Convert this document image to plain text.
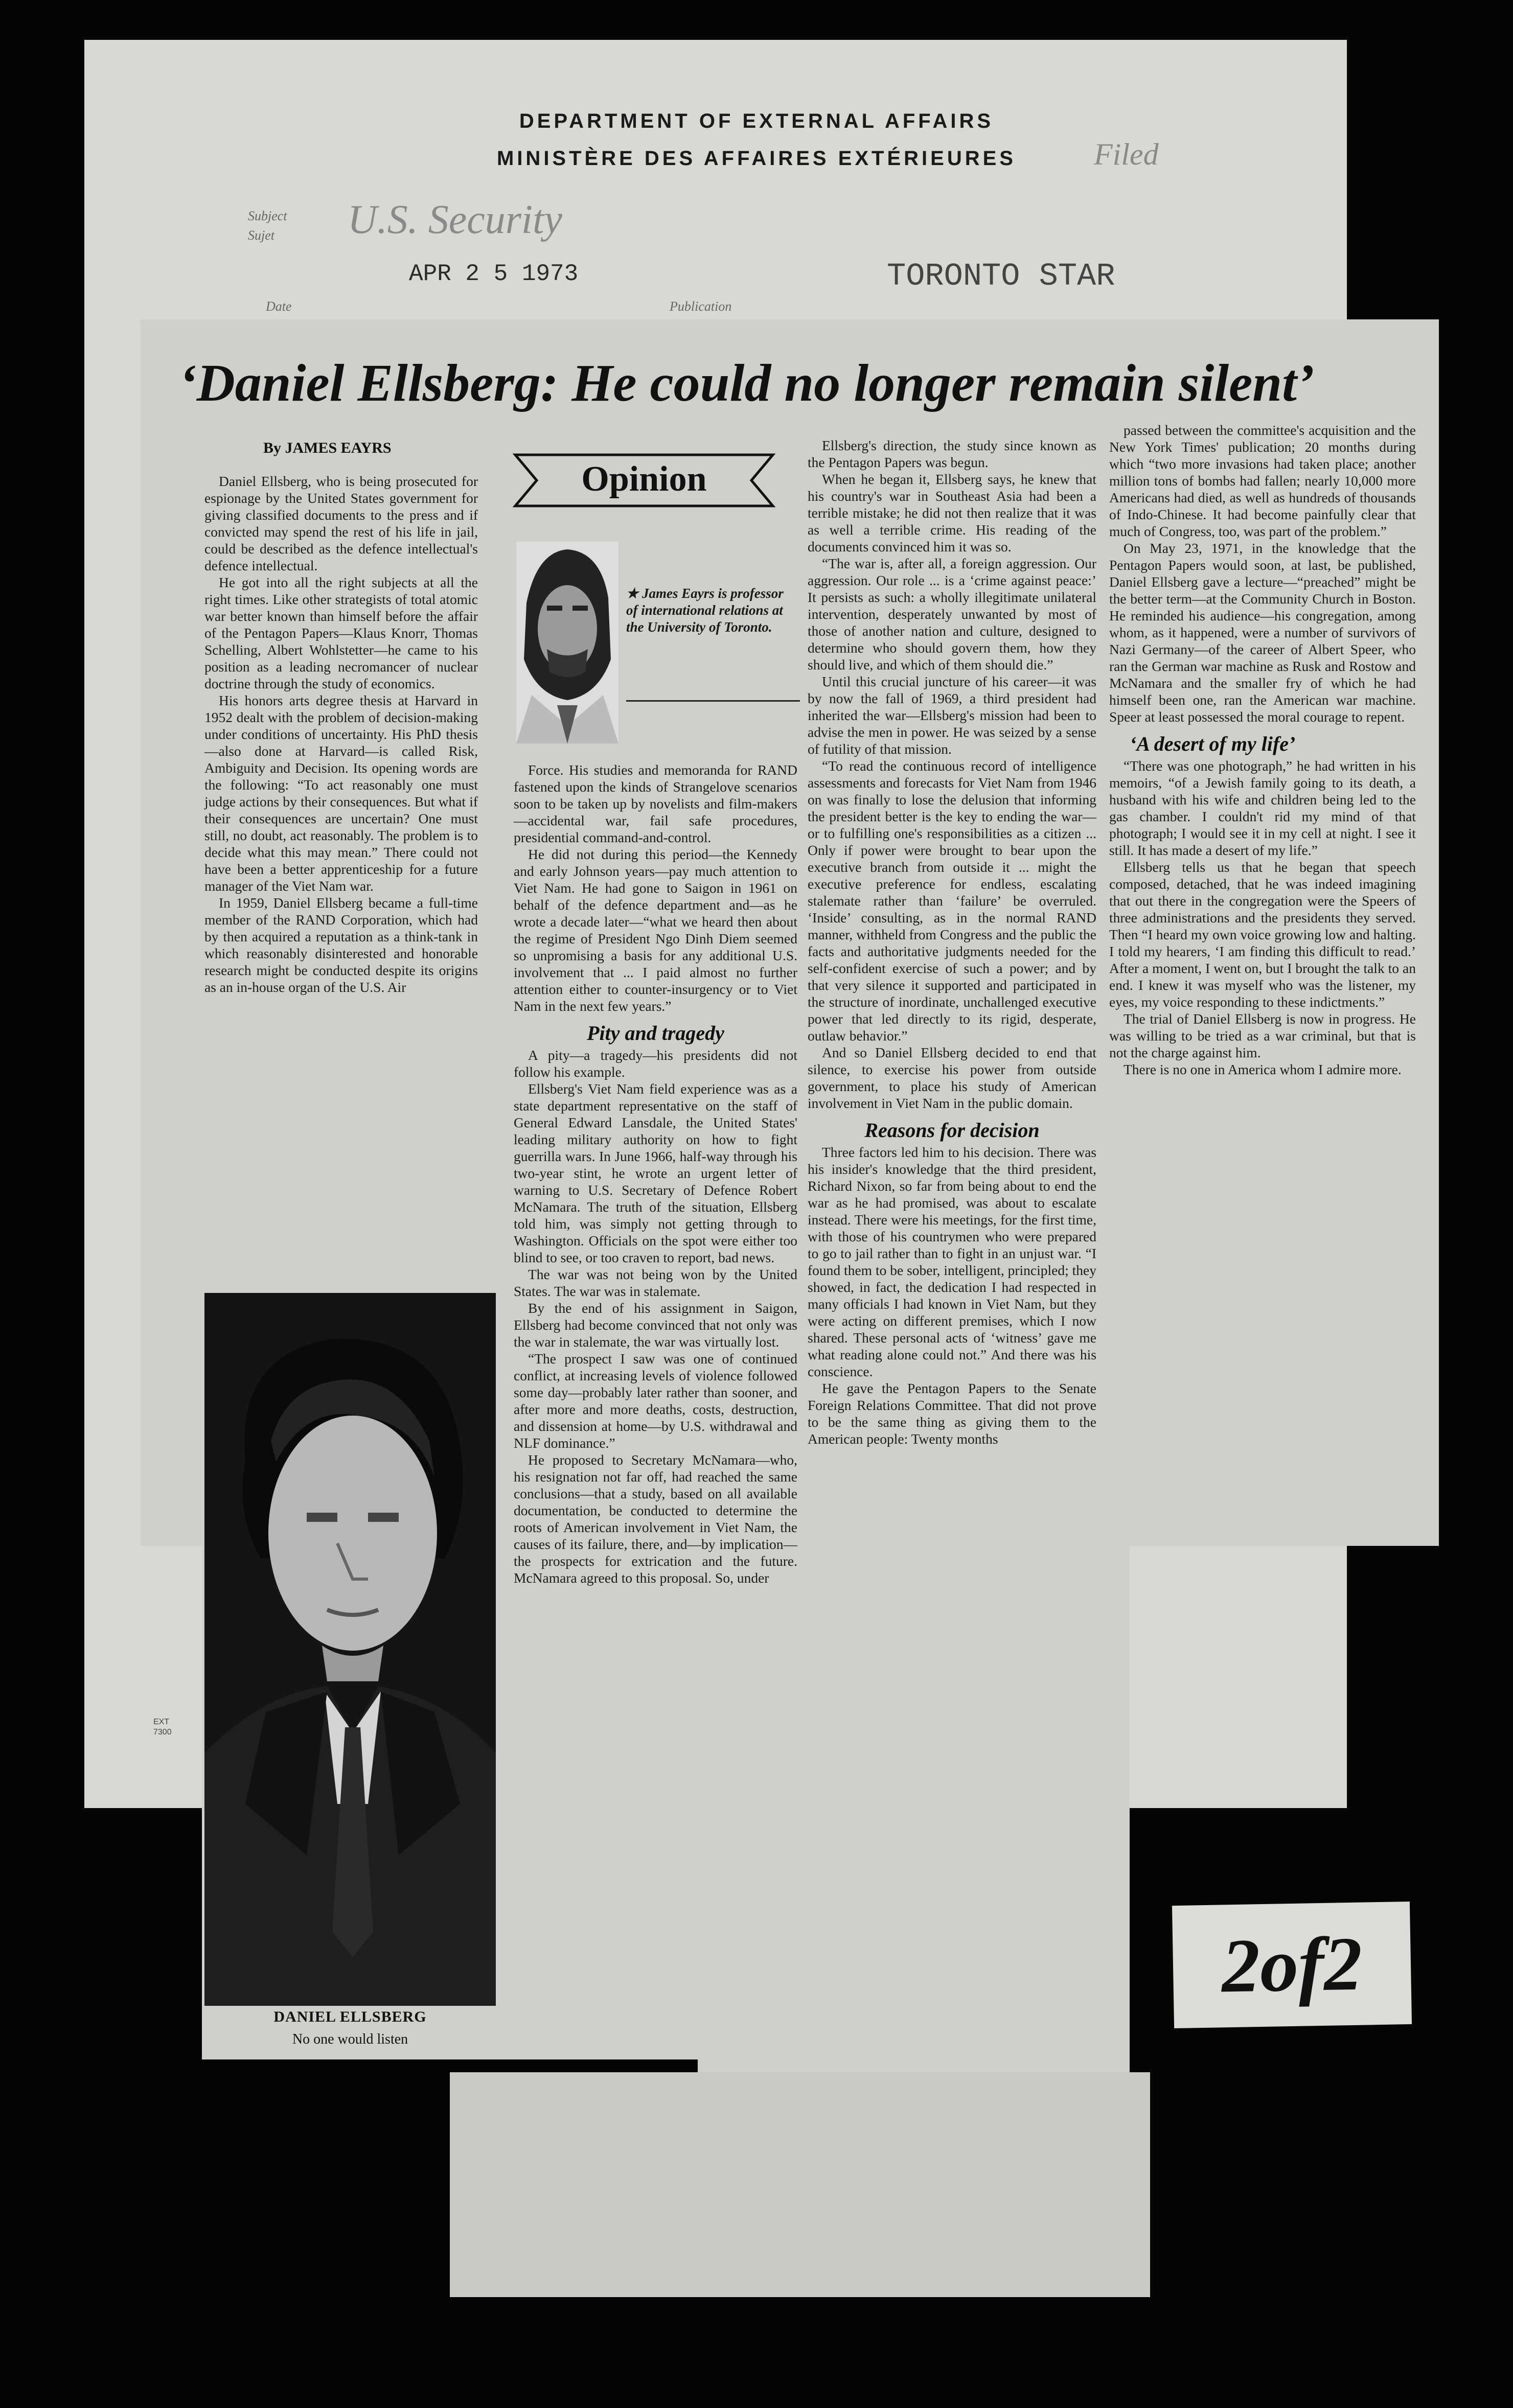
DEPARTMENT OF EXTERNAL AFFAIRS
MINISTÈRE DES AFFAIRES EXTÉRIEURES
Subject
Sujet U.S. Security
Filed
APR 2 5 1973
Date	Publication
TORONTO STAR
EXT
7300
‘Daniel Ellsberg: He could no longer remain silent’
By JAMES EAYRS
Opinion
★ James Eayrs is professor of international relations at the University of Toronto.

Daniel Ellsberg, who is being prosecuted for espionage by the United States government for giving classified documents to the press and if convicted may spend the rest of his life in jail, could be described as the defence intellectual's defence intellectual.

He got into all the right subjects at all the right times. Like other strategists of total atomic war better known than himself before the affair of the Pentagon Papers—Klaus Knorr, Thomas Schelling, Albert Wohlstetter—he came to his position as a leading necromancer of nuclear doctrine through the study of economics.

His honors arts degree thesis at Harvard in 1952 dealt with the problem of decision-making under conditions of uncertainty. His PhD thesis—also done at Harvard—is called Risk, Ambiguity and Decision. Its opening words are the following: “To act reasonably one must judge actions by their consequences. But what if their consequences are uncertain? One must still, no doubt, act reasonably. The problem is to decide what this may mean.” There could not have been a better apprenticeship for a future manager of the Viet Nam war.

In 1959, Daniel Ellsberg became a full-time member of the RAND Corporation, which had by then acquired a reputation as a think-tank in which reasonably disinterested and honorable research might be conducted despite its origins as an in-house organ of the U.S. Air

Force. His studies and memoranda for RAND fastened upon the kinds of Strangelove scenarios soon to be taken up by novelists and film-makers—accidental war, fail safe procedures, presidential command-and-control.

He did not during this period—the Kennedy and early Johnson years—pay much attention to Viet Nam. He had gone to Saigon in 1961 on behalf of the defence department and—as he wrote a decade later—“what we heard then about the regime of President Ngo Dinh Diem seemed so unpromising a basis for any additional U.S. involvement that ... I paid almost no further attention either to counter-insurgency or to Viet Nam in the next few years.”

Pity and tragedy

A pity—a tragedy—his presidents did not follow his example.

Ellsberg's Viet Nam field experience was as a state department representative on the staff of General Edward Lansdale, the United States' leading military authority on how to fight guerrilla wars. In June 1966, half-way through his two-year stint, he wrote an urgent letter of warning to U.S. Secretary of Defence Robert McNamara. The truth of the situation, Ellsberg told him, was simply not getting through to Washington. Officials on the spot were either too blind to see, or too craven to report, bad news.

The war was not being won by the United States. The war was in stalemate.

By the end of his assignment in Saigon, Ellsberg had become convinced that not only was the war in stalemate, the war was virtually lost.

“The prospect I saw was one of continued conflict, at increasing levels of violence followed some day—probably later rather than sooner, and after more and more deaths, costs, destruction, and dissension at home—by U.S. withdrawal and NLF dominance.”

He proposed to Secretary McNamara—who, his resignation not far off, had reached the same conclusions—that a study, based on all available documentation, be conducted to determine the roots of American involvement in Viet Nam, the causes of its failure, there, and—by implication—the prospects for extrication and the future. McNamara agreed to this proposal. So, under

Ellsberg's direction, the study since known as the Pentagon Papers was begun.

When he began it, Ellsberg says, he knew that his country's war in Southeast Asia had been a terrible mistake; he did not then realize that it was as well a terrible crime. His reading of the documents convinced him it was so.

“The war is, after all, a foreign aggression. Our aggression. Our role ... is a ‘crime against peace:’ It persists as such: a wholly illegitimate unilateral intervention, desperately unwanted by most of those of another nation and culture, designed to determine who should govern them, how they should live, and which of them should die.”

Until this crucial juncture of his career—it was by now the fall of 1969, a third president had inherited the war—Ellsberg's mission had been to advise the men in power. He was seized by a sense of futility of that mission.

“To read the continuous record of intelligence assessments and forecasts for Viet Nam from 1946 on was finally to lose the delusion that informing the president better is the key to ending the war—or to fulfilling one's responsibilities as a citizen ... Only if power were brought to bear upon the executive branch from outside it ... might the executive preference for endless, escalating stalemate rather than ‘failure’ be overruled. ‘Inside’ consulting, as in the normal RAND manner, withheld from Congress and the public the facts and authoritative judgments needed for the self-confident exercise of such a power; and by that very silence it supported and participated in the structure of inordinate, unchallenged executive power that led directly to its rigid, desperate, outlaw behavior.”

And so Daniel Ellsberg decided to end that silence, to exercise his power from outside government, to place his study of American involvement in Viet Nam in the public domain.

Reasons for decision

Three factors led him to his decision. There was his insider's knowledge that the third president, Richard Nixon, so far from being about to end the war as he had promised, was about to escalate instead. There were his meetings, for the first time, with those of his countrymen who were prepared to go to jail rather than to fight in an unjust war. “I found them to be sober, intelligent, principled; they showed, in fact, the dedication I had respected in many officials I had known in Viet Nam, but they were acting on different premises, which I now shared. These personal acts of ‘witness’ gave me what reading alone could not.” And there was his conscience.

He gave the Pentagon Papers to the Senate Foreign Relations Committee. That did not prove to be the same thing as giving them to the American people: Twenty months

passed between the committee's acquisition and the New York Times' publication; 20 months during which “two more invasions had taken place; another million tons of bombs had fallen; nearly 10,000 more Americans had died, as well as hundreds of thousands of Indo-Chinese. It had become painfully clear that much of Congress, too, was part of the problem.”

On May 23, 1971, in the knowledge that the Pentagon Papers would soon, at last, be published, Daniel Ellsberg gave a lecture—“preached” might be the better term—at the Community Church in Boston. He reminded his audience—his congregation, among whom, as it happened, were a number of survivors of Nazi Germany—of the career of Albert Speer, who ran the German war machine as Rusk and Rostow and McNamara and the smaller fry of which he had himself been one, ran the American war machine. Speer at least possessed the moral courage to repent.

‘A desert of my life’

“There was one photograph,” he had written in his memoirs, “of a Jewish family going to its death, a husband with his wife and children being led to the gas chamber. I couldn't rid my mind of that photograph; I would see it in my cell at night. I see it still. It has made a desert of my life.”

Ellsberg tells us that he began that speech composed, detached, that he was indeed imagining that out there in the congregation were the Speers of three administrations and the presidents they served. Then “I heard my own voice growing low and halting. I told my hearers, ‘I am finding this difficult to read.’ After a moment, I went on, but I brought the talk to an end. I knew it was myself who was the listener, my eyes, my voice responding to these indictments.”

The trial of Daniel Ellsberg is now in progress. He was willing to be tried as a war criminal, but that is not the charge against him.

There is no one in America whom I admire more.

DANIEL ELLSBERG
No one would listen
2of2
